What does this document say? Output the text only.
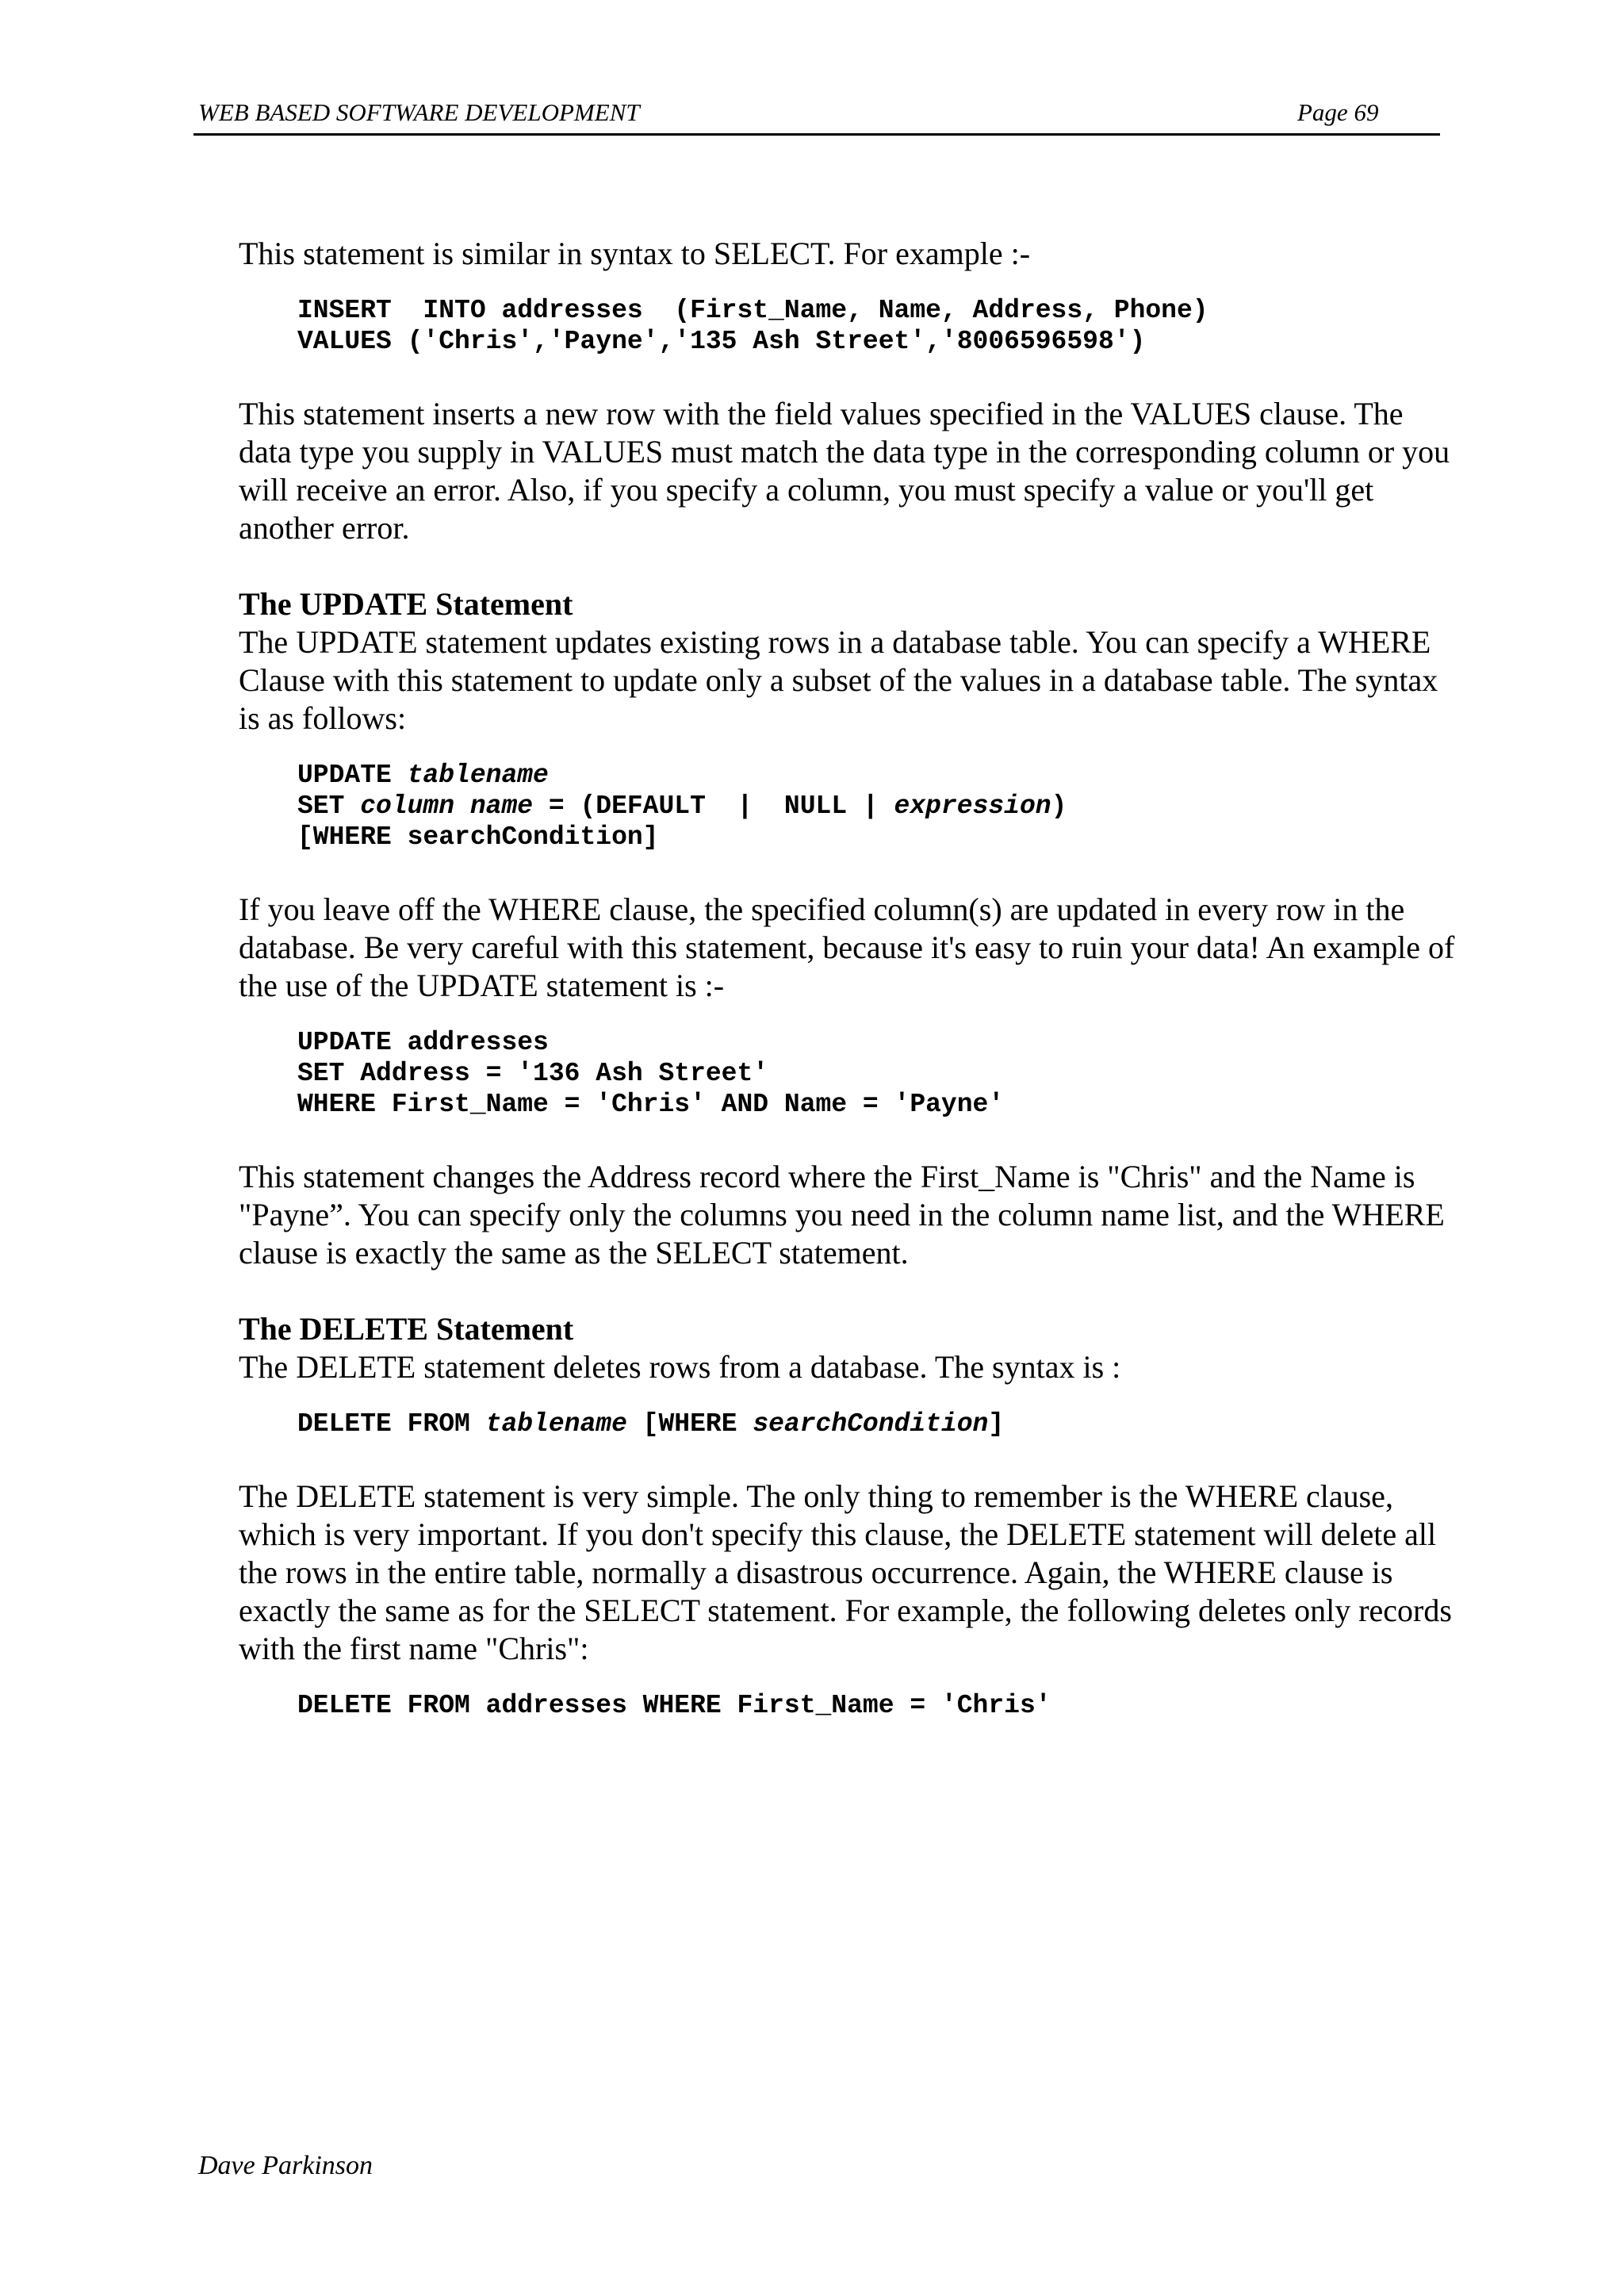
WEB BASED SOFTWARE DEVELOPMENT	Page 69

This statement is similar in syntax to SELECT. For example :-

INSERT  INTO addresses  (First_Name, Name, Address, Phone)
VALUES ('Chris','Payne','135 Ash Street','8006596598')

This statement inserts a new row with the field values specified in the VALUES clause. The data type you supply in VALUES must match the data type in the corresponding column or you will receive an error. Also, if you specify a column, you must specify a value or you'll get another error.

The UPDATE Statement

The UPDATE statement updates existing rows in a database table. You can specify a WHERE Clause with this statement to update only a subset of the values in a database table. The syntax is as follows:

UPDATE tablename
SET column name = (DEFAULT  |  NULL | expression)
[WHERE searchCondition]

If you leave off the WHERE clause, the specified column(s) are updated in every row in the database. Be very careful with this statement, because it's easy to ruin your data! An example of the use of the UPDATE statement is :-

UPDATE addresses
SET Address = '136 Ash Street'
WHERE First_Name = 'Chris' AND Name = 'Payne'

This statement changes the Address record where the First_Name is "Chris" and the Name is "Payne”. You can specify only the columns you need in the column name list, and the WHERE clause is exactly the same as the SELECT statement.

The DELETE Statement

The DELETE statement deletes rows from a database. The syntax is :

DELETE FROM tablename [WHERE searchCondition]

The DELETE statement is very simple. The only thing to remember is the WHERE clause, which is very important. If you don't specify this clause, the DELETE statement will delete all the rows in the entire table, normally a disastrous occurrence. Again, the WHERE clause is exactly the same as for the SELECT statement. For example, the following deletes only records with the first name "Chris":

DELETE FROM addresses WHERE First_Name = 'Chris'
Dave Parkinson
